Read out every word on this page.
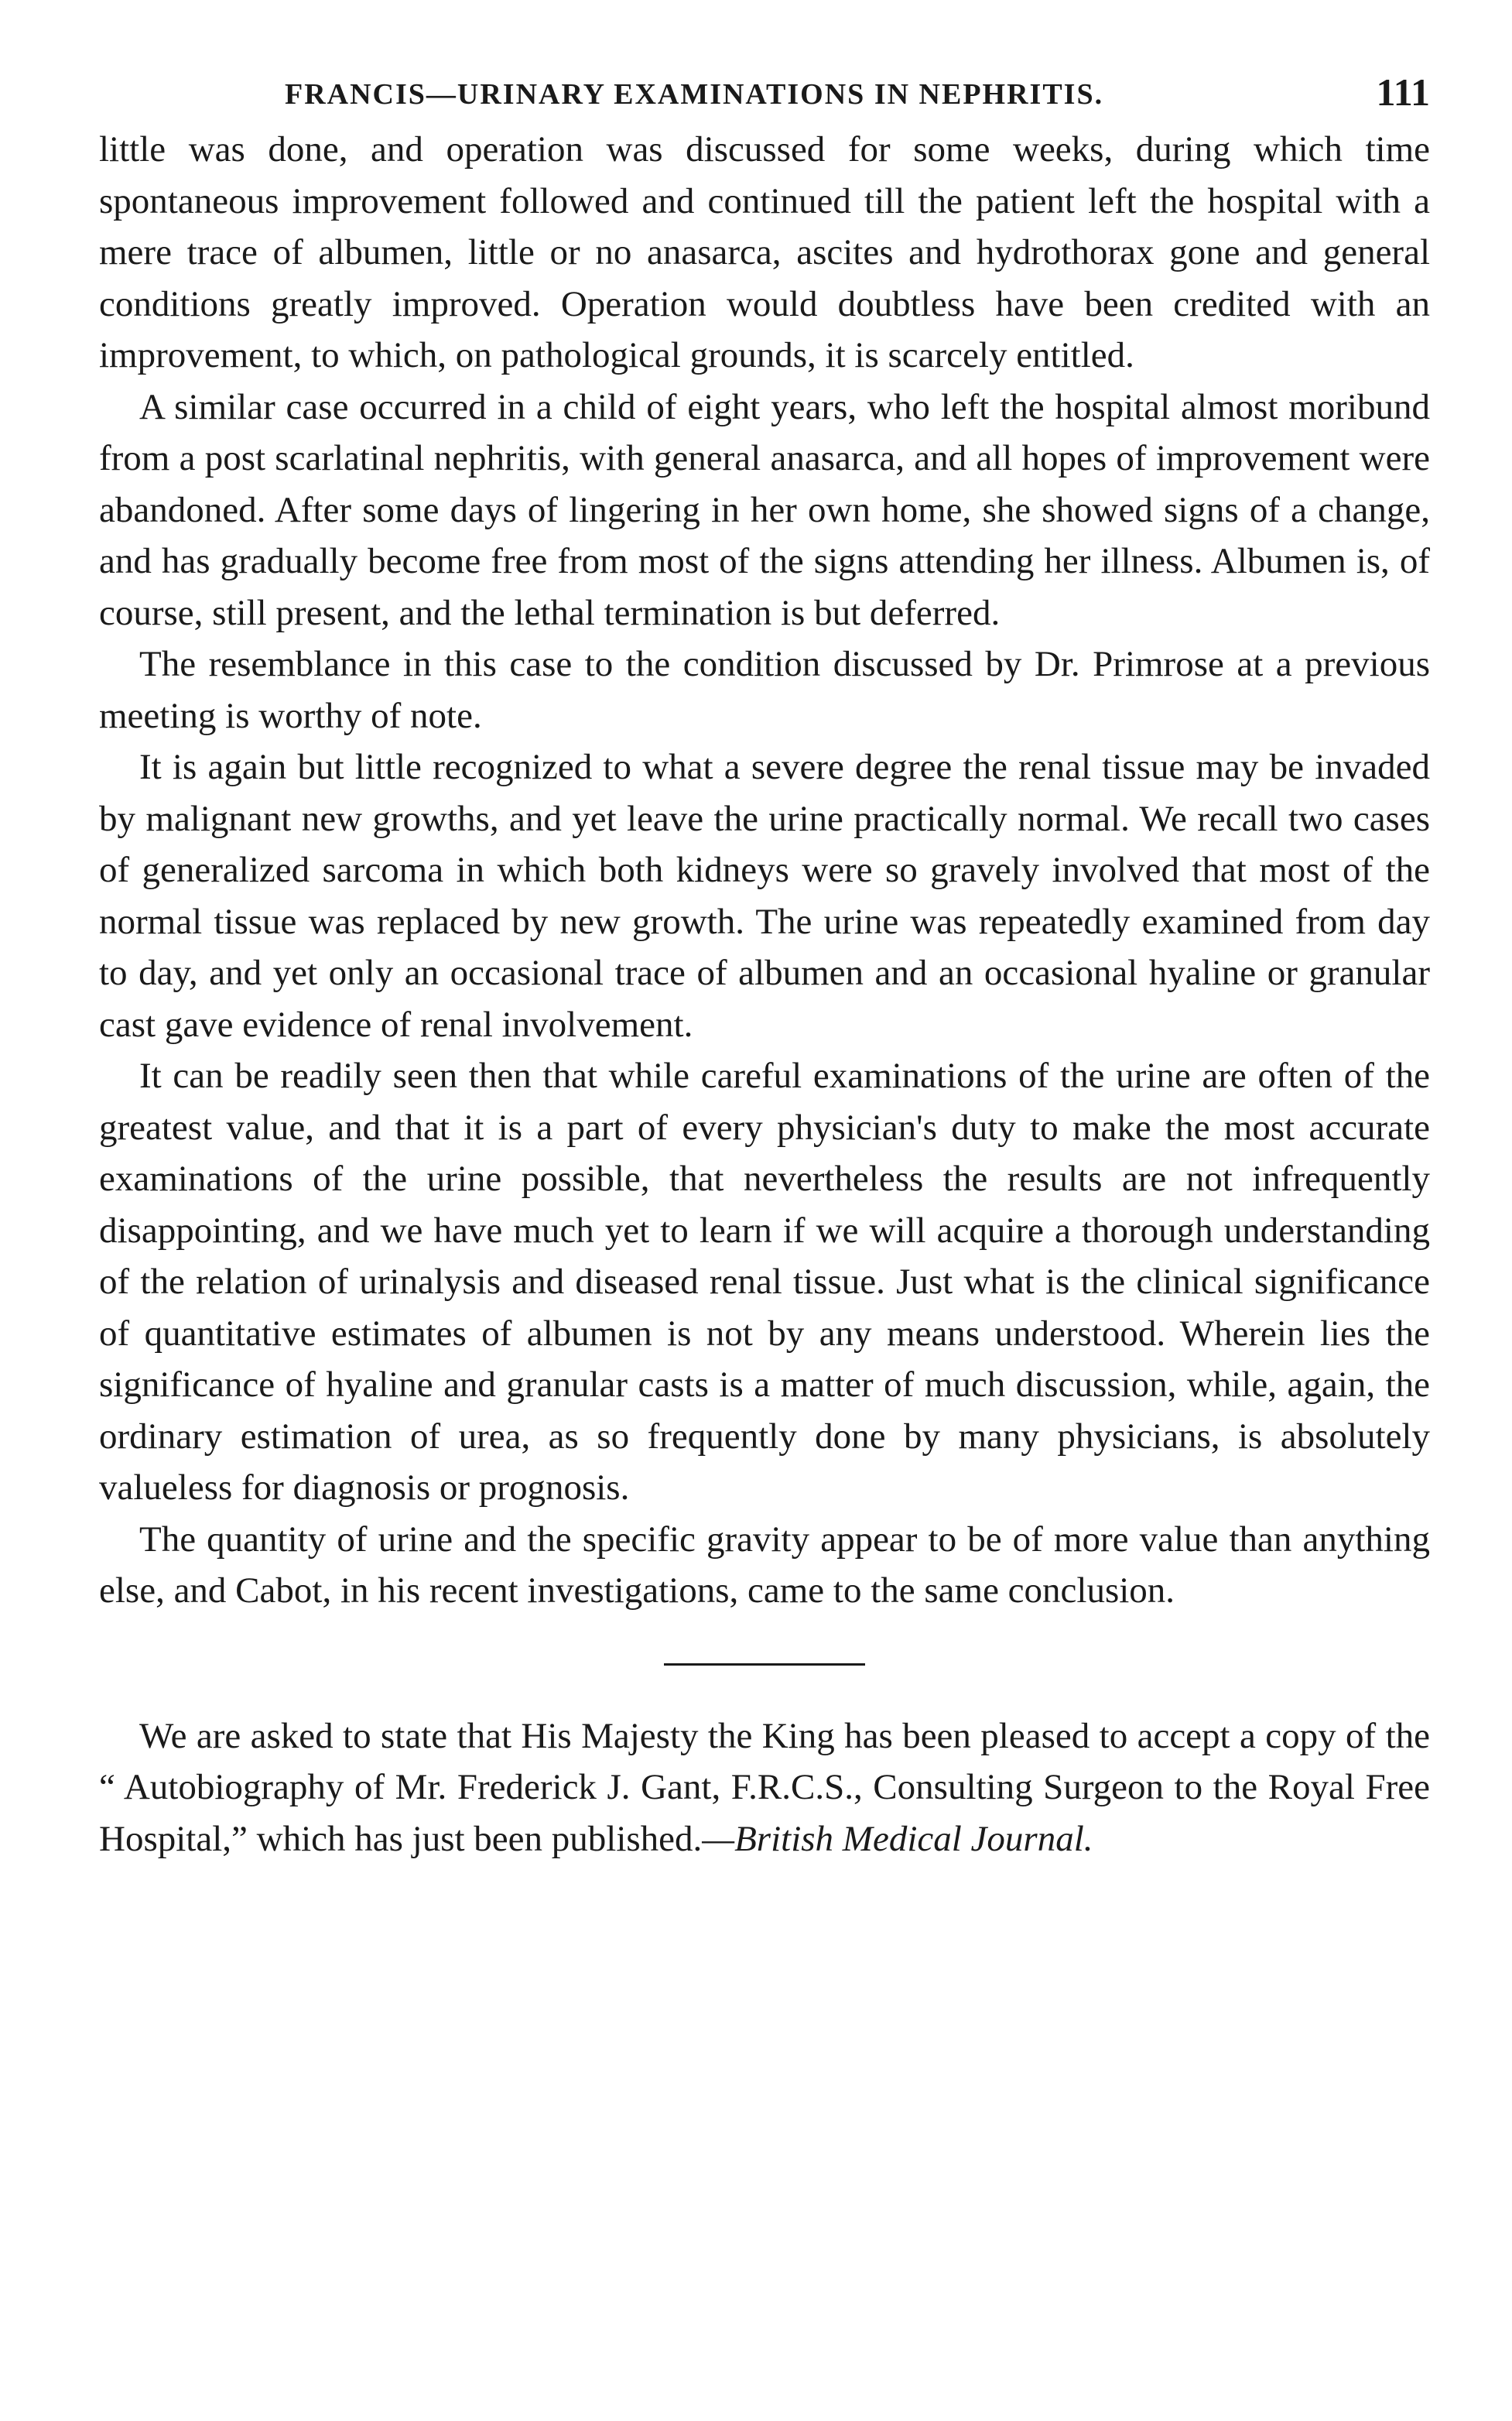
FRANCIS—URINARY EXAMINATIONS IN NEPHRITIS.	111

little was done, and operation was discussed for some weeks, during which time spontaneous improvement followed and continued till the patient left the hospital with a mere trace of albumen, little or no anasarca, ascites and hydrothorax gone and general conditions greatly improved. Operation would doubtless have been credited with an improvement, to which, on pathological grounds, it is scarcely entitled.

A similar case occurred in a child of eight years, who left the hospital almost moribund from a post scarlatinal nephritis, with general anasarca, and all hopes of improvement were abandoned. After some days of lingering in her own home, she showed signs of a change, and has gradually become free from most of the signs attending her illness. Albumen is, of course, still present, and the lethal termination is but deferred.

The resemblance in this case to the condition discussed by Dr. Primrose at a previous meeting is worthy of note.

It is again but little recognized to what a severe degree the renal tissue may be invaded by malignant new growths, and yet leave the urine practically normal. We recall two cases of generalized sarcoma in which both kidneys were so gravely involved that most of the normal tissue was replaced by new growth. The urine was repeatedly examined from day to day, and yet only an occasional trace of albumen and an occasional hyaline or granular cast gave evidence of renal involvement.

It can be readily seen then that while careful examinations of the urine are often of the greatest value, and that it is a part of every physician's duty to make the most accurate examinations of the urine possible, that nevertheless the results are not infrequently disappointing, and we have much yet to learn if we will acquire a thorough understanding of the relation of urinalysis and diseased renal tissue. Just what is the clinical significance of quantitative estimates of albumen is not by any means understood. Wherein lies the significance of hyaline and granular casts is a matter of much discussion, while, again, the ordinary estimation of urea, as so frequently done by many physicians, is absolutely valueless for diagnosis or prognosis.

The quantity of urine and the specific gravity appear to be of more value than anything else, and Cabot, in his recent investigations, came to the same conclusion.

We are asked to state that His Majesty the King has been pleased to accept a copy of the “ Autobiography of Mr. Frederick J. Gant, F.R.C.S., Consulting Surgeon to the Royal Free Hospital,” which has just been published.—British Medical Journal.
